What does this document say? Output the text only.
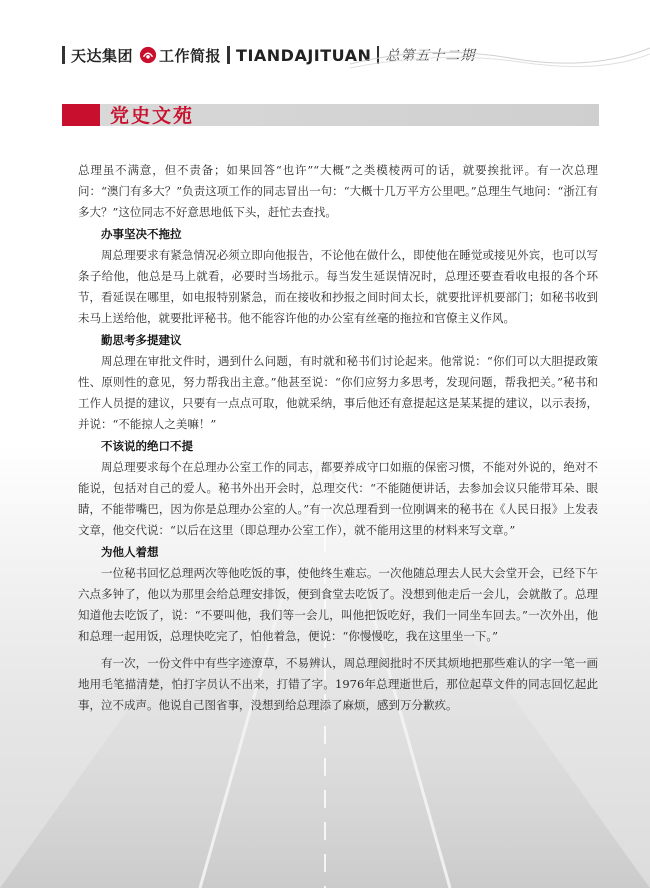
天达集团 工作简报 TIANDAJITUAN 总第五十二期
党史文苑

总理虽不满意，但不责备；如果回答“也许”“大概”之类模棱两可的话，就要挨批评。有一次总理问：“澳门有多大？”负责这项工作的同志冒出一句：“大概十几万平方公里吧。”总理生气地问：“浙江有多大？”这位同志不好意思地低下头，赶忙去查找。

办事坚决不拖拉

周总理要求有紧急情况必须立即向他报告，不论他在做什么，即使他在睡觉或接见外宾，也可以写条子给他，他总是马上就看，必要时当场批示。每当发生延误情况时，总理还要查看收电报的各个环节，看延误在哪里，如电报特别紧急，而在接收和抄报之间时间太长，就要批评机要部门；如秘书收到未马上送给他，就要批评秘书。他不能容许他的办公室有丝毫的拖拉和官僚主义作风。

勤思考多提建议

周总理在审批文件时，遇到什么问题，有时就和秘书们讨论起来。他常说：“你们可以大胆提政策性、原则性的意见，努力帮我出主意。”他甚至说：“你们应努力多思考，发现问题，帮我把关。”秘书和工作人员提的建议，只要有一点点可取，他就采纳，事后他还有意提起这是某某提的建议，以示表扬，并说：“不能掠人之美嘛！”

不该说的绝口不提

周总理要求每个在总理办公室工作的同志，都要养成守口如瓶的保密习惯，不能对外说的，绝对不能说，包括对自己的爱人。秘书外出开会时，总理交代：“不能随便讲话，去参加会议只能带耳朵、眼睛，不能带嘴巴，因为你是总理办公室的人。”有一次总理看到一位刚调来的秘书在《人民日报》上发表文章，他交代说：“以后在这里（即总理办公室工作），就不能用这里的材料来写文章。”

为他人着想

一位秘书回忆总理两次等他吃饭的事，使他终生难忘。一次他随总理去人民大会堂开会，已经下午六点多钟了，他以为那里会给总理安排饭，便到食堂去吃饭了。没想到他走后一会儿，会就散了。总理知道他去吃饭了，说：“不要叫他，我们等一会儿，叫他把饭吃好，我们一同坐车回去。”一次外出，他和总理一起用饭，总理快吃完了，怕他着急，便说：“你慢慢吃，我在这里坐一下。”

有一次，一份文件中有些字迹潦草，不易辨认，周总理阅批时不厌其烦地把那些难认的字一笔一画地用毛笔描清楚，怕打字员认不出来，打错了字。1976年总理逝世后，那位起草文件的同志回忆起此事，泣不成声。他说自己图省事，没想到给总理添了麻烦，感到万分歉疚。
